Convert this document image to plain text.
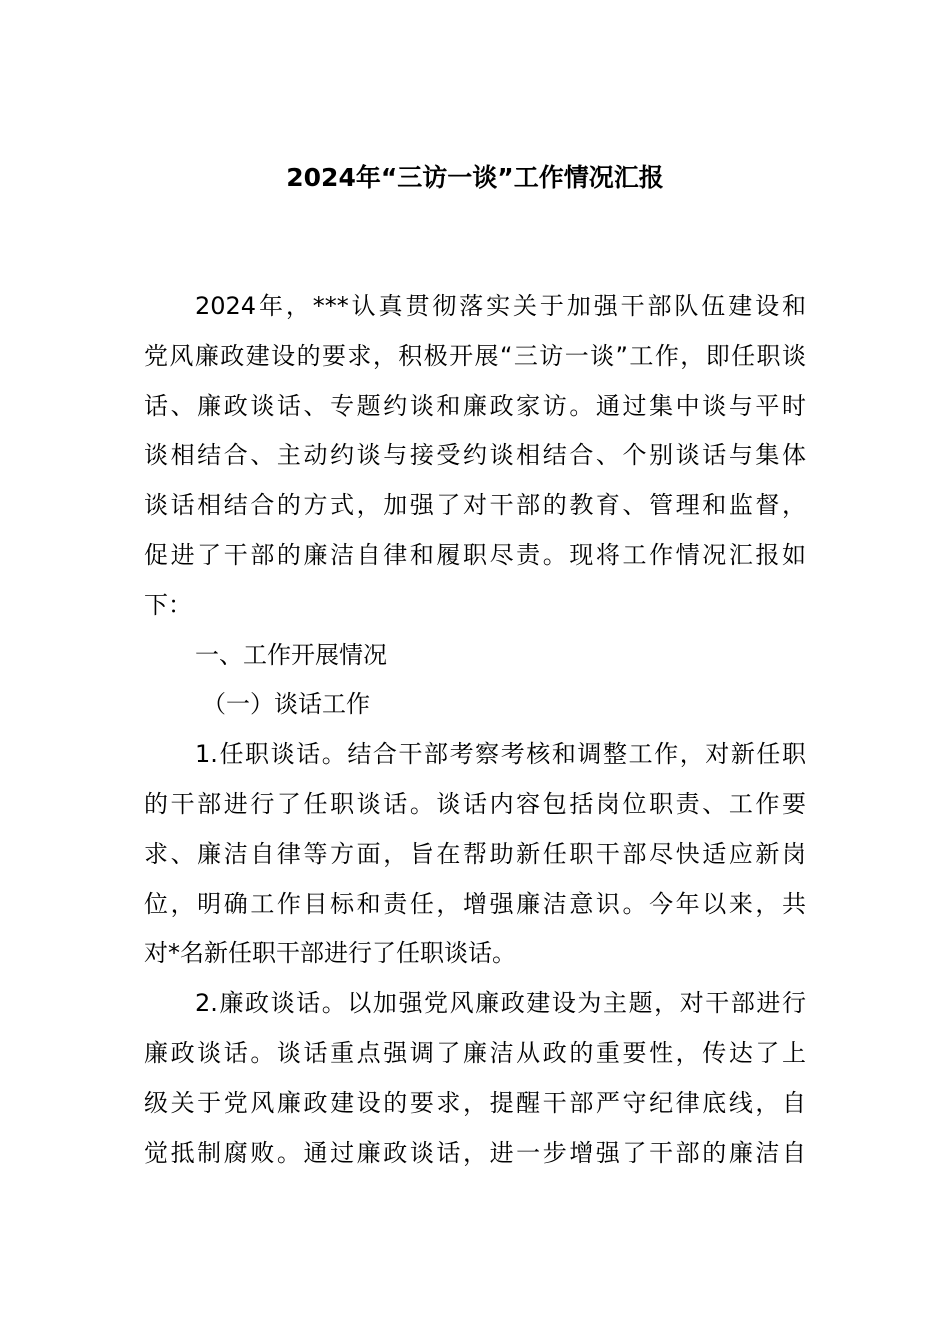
2024年“三访一谈”工作情况汇报
2024年，***认真贯彻落实关于加强干部队伍建设和
党风廉政建设的要求，积极开展“三访一谈”工作，即任职谈
话、廉政谈话、专题约谈和廉政家访。通过集中谈与平时
谈相结合、主动约谈与接受约谈相结合、个别谈话与集体
谈话相结合的方式，加强了对干部的教育、管理和监督，
促进了干部的廉洁自律和履职尽责。现将工作情况汇报如
下：
一、工作开展情况
（一）谈话工作
1.任职谈话。结合干部考察考核和调整工作，对新任职
的干部进行了任职谈话。谈话内容包括岗位职责、工作要
求、廉洁自律等方面，旨在帮助新任职干部尽快适应新岗
位，明确工作目标和责任，增强廉洁意识。今年以来，共
对*名新任职干部进行了任职谈话。
2.廉政谈话。以加强党风廉政建设为主题，对干部进行
廉政谈话。谈话重点强调了廉洁从政的重要性，传达了上
级关于党风廉政建设的要求，提醒干部严守纪律底线，自
觉抵制腐败。通过廉政谈话，进一步增强了干部的廉洁自
